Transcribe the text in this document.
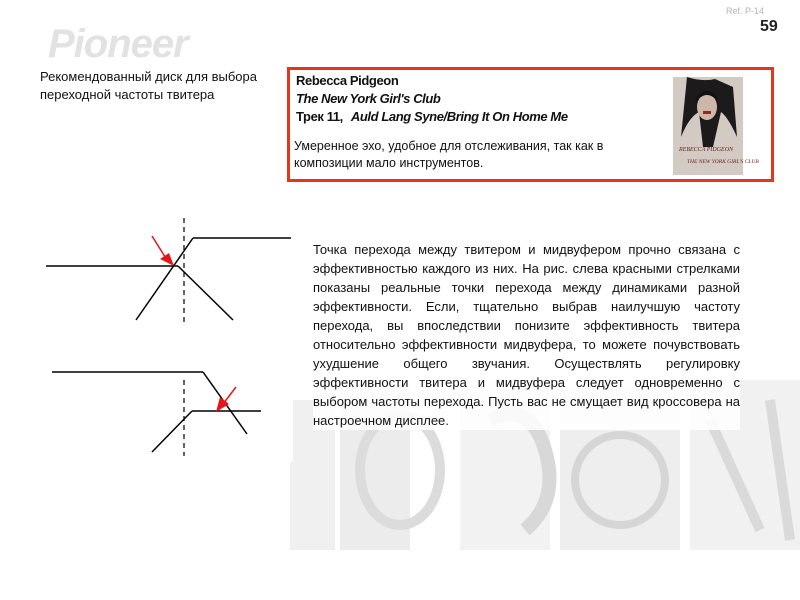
Pioneer
Ref. P-14
59
Рекомендованный диск для выбора переходной частоты твитера
Rebecca Pidgeon
The New York Girl's Club
Трек 11, Auld Lang Syne/Bring It On Home Me
Умеренное эхо, удобное для отслеживания, так как в композиции мало инструментов.
REBECCA PIDGEON
THE NEW YORK GIRL'S CLUB
Точка перехода между твитером и мидвуфером прочно связана с эффективностью каждого из них. На рис. слева красными стрелками показаны реальные точки перехода между динамиками разной эффективности. Если, тщательно выбрав наилучшую частоту перехода, вы впоследствии понизите эффективность твитера относительно эффективности мидвуфера, то можете почувствовать ухудшение общего звучания. Осуществлять регулировку эффективности твитера и мидвуфера следует одновременно с выбором частоты перехода. Пусть вас не смущает вид кроссовера на настроечном дисплее.
